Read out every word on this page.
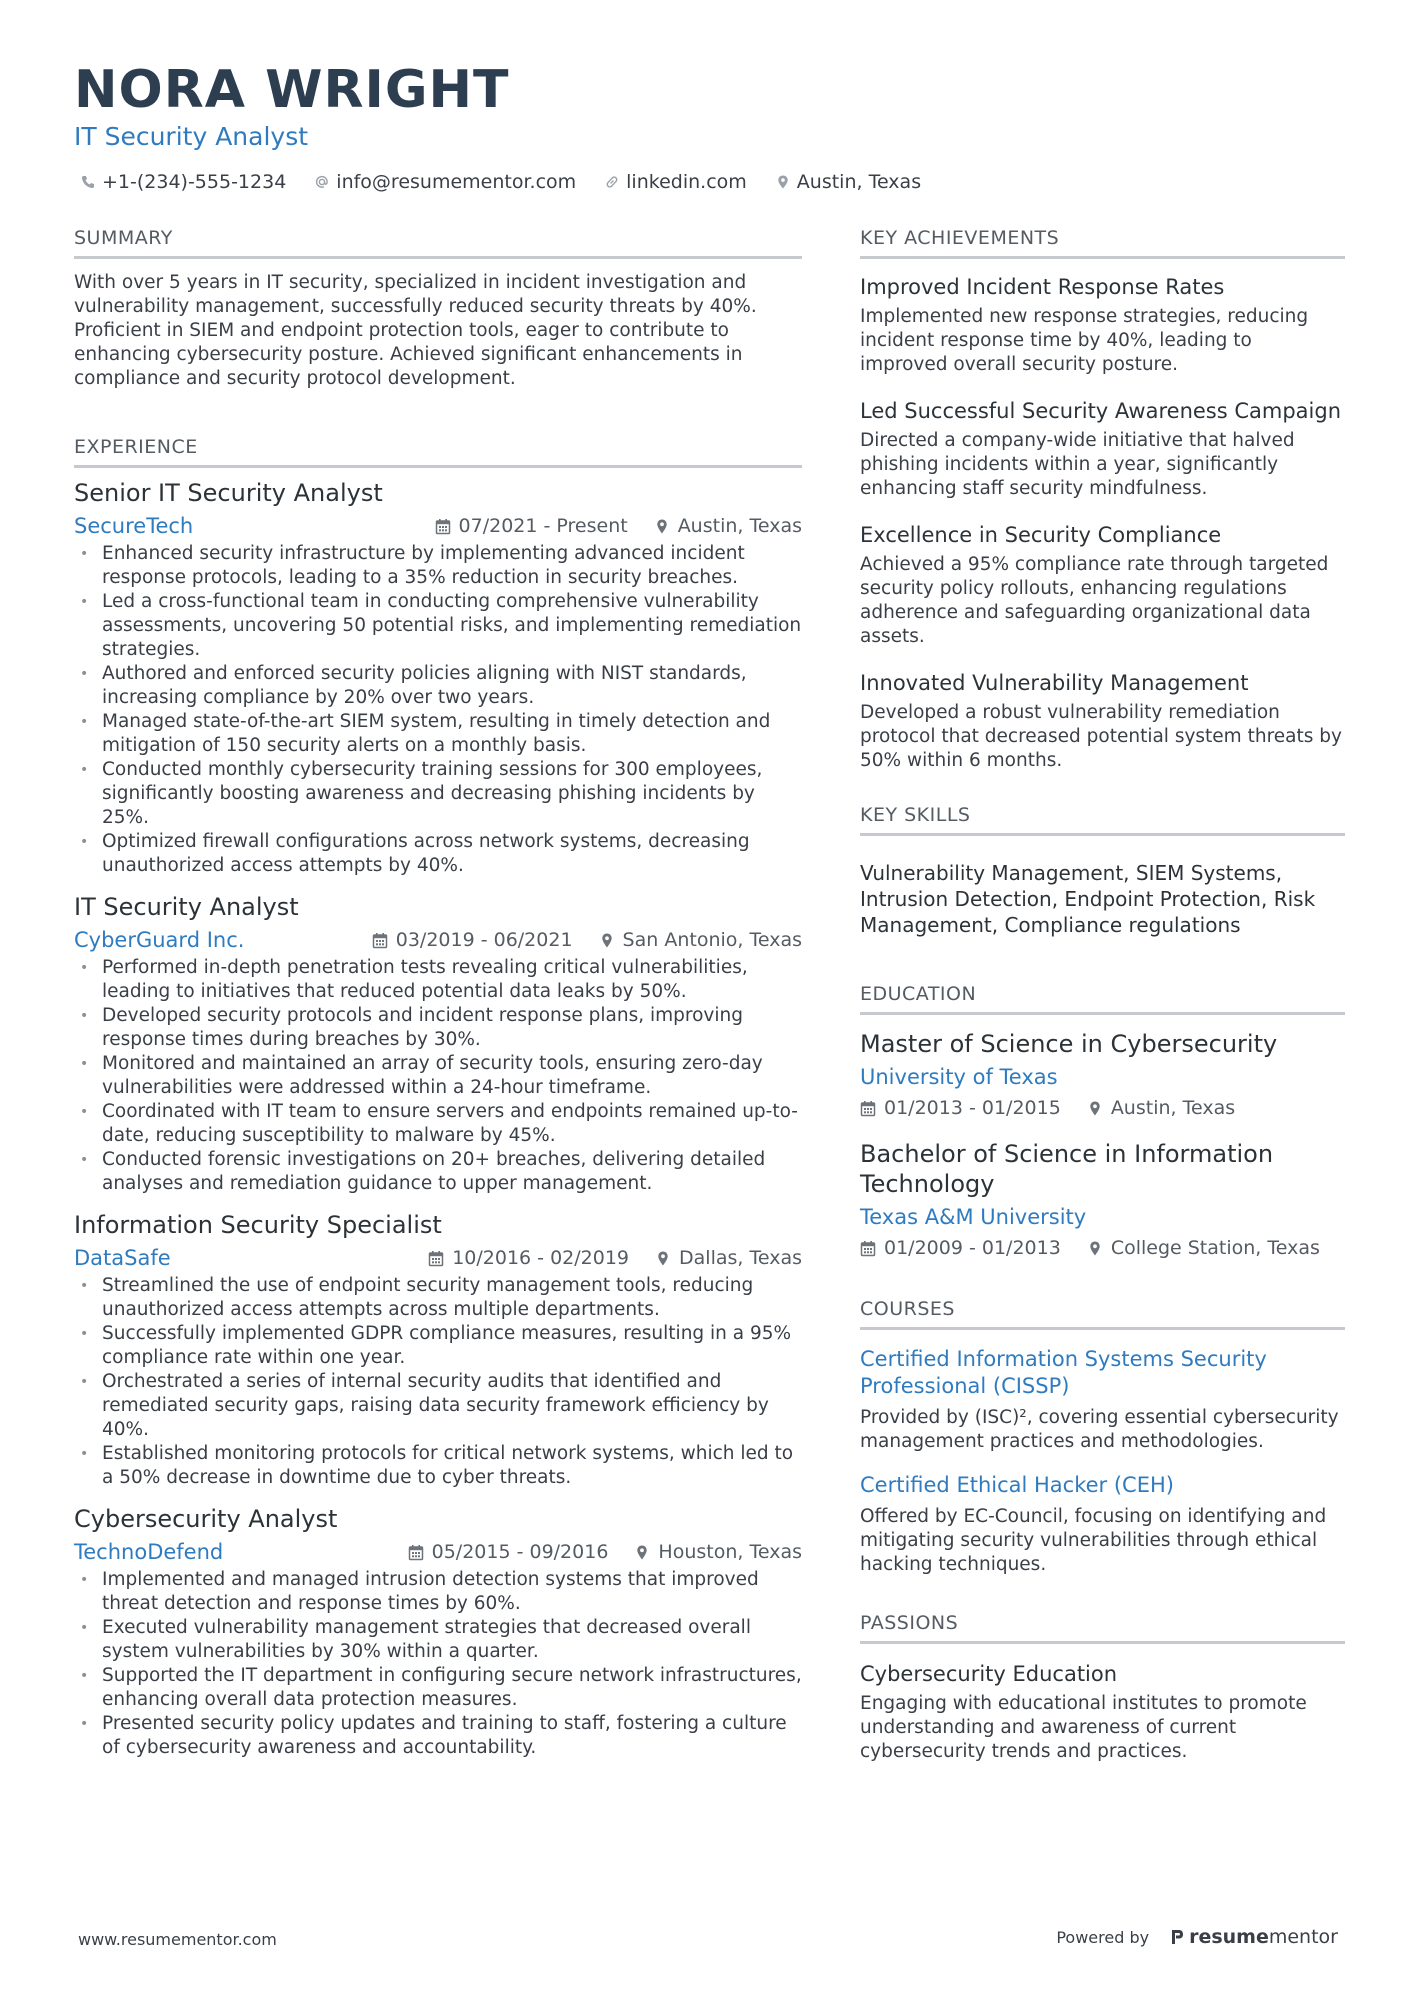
NORA WRIGHT
IT Security Analyst
+1-(234)-555-1234	info@resumementor.com	linkedin.com	Austin, Texas
SUMMARY
With over 5 years in IT security, specialized in incident investigation and vulnerability management, successfully reduced security threats by 40%. Proficient in SIEM and endpoint protection tools, eager to contribute to enhancing cybersecurity posture. Achieved significant enhancements in compliance and security protocol development.
EXPERIENCE
Senior IT Security Analyst
SecureTech	07/2021 - Present	Austin, Texas
• Enhanced security infrastructure by implementing advanced incident response protocols, leading to a 35% reduction in security breaches.
• Led a cross-functional team in conducting comprehensive vulnerability assessments, uncovering 50 potential risks, and implementing remediation strategies.
• Authored and enforced security policies aligning with NIST standards, increasing compliance by 20% over two years.
• Managed state-of-the-art SIEM system, resulting in timely detection and mitigation of 150 security alerts on a monthly basis.
• Conducted monthly cybersecurity training sessions for 300 employees, significantly boosting awareness and decreasing phishing incidents by 25%.
• Optimized firewall configurations across network systems, decreasing unauthorized access attempts by 40%.
IT Security Analyst
CyberGuard Inc.	03/2019 - 06/2021	San Antonio, Texas
• Performed in-depth penetration tests revealing critical vulnerabilities, leading to initiatives that reduced potential data leaks by 50%.
• Developed security protocols and incident response plans, improving response times during breaches by 30%.
• Monitored and maintained an array of security tools, ensuring zero-day vulnerabilities were addressed within a 24-hour timeframe.
• Coordinated with IT team to ensure servers and endpoints remained up-to-date, reducing susceptibility to malware by 45%.
• Conducted forensic investigations on 20+ breaches, delivering detailed analyses and remediation guidance to upper management.
Information Security Specialist
DataSafe	10/2016 - 02/2019	Dallas, Texas
• Streamlined the use of endpoint security management tools, reducing unauthorized access attempts across multiple departments.
• Successfully implemented GDPR compliance measures, resulting in a 95% compliance rate within one year.
• Orchestrated a series of internal security audits that identified and remediated security gaps, raising data security framework efficiency by 40%.
• Established monitoring protocols for critical network systems, which led to a 50% decrease in downtime due to cyber threats.
Cybersecurity Analyst
TechnoDefend	05/2015 - 09/2016	Houston, Texas
• Implemented and managed intrusion detection systems that improved threat detection and response times by 60%.
• Executed vulnerability management strategies that decreased overall system vulnerabilities by 30% within a quarter.
• Supported the IT department in configuring secure network infrastructures, enhancing overall data protection measures.
• Presented security policy updates and training to staff, fostering a culture of cybersecurity awareness and accountability.
KEY ACHIEVEMENTS
Improved Incident Response Rates
Implemented new response strategies, reducing incident response time by 40%, leading to improved overall security posture.
Led Successful Security Awareness Campaign
Directed a company-wide initiative that halved phishing incidents within a year, significantly enhancing staff security mindfulness.
Excellence in Security Compliance
Achieved a 95% compliance rate through targeted security policy rollouts, enhancing regulations adherence and safeguarding organizational data assets.
Innovated Vulnerability Management
Developed a robust vulnerability remediation protocol that decreased potential system threats by 50% within 6 months.
KEY SKILLS
Vulnerability Management, SIEM Systems, Intrusion Detection, Endpoint Protection, Risk Management, Compliance regulations
EDUCATION
Master of Science in Cybersecurity
University of Texas
01/2013 - 01/2015	Austin, Texas
Bachelor of Science in Information Technology
Texas A&M University
01/2009 - 01/2013	College Station, Texas
COURSES
Certified Information Systems Security Professional (CISSP)
Provided by (ISC)², covering essential cybersecurity management practices and methodologies.
Certified Ethical Hacker (CEH)
Offered by EC-Council, focusing on identifying and mitigating security vulnerabilities through ethical hacking techniques.
PASSIONS
Cybersecurity Education
Engaging with educational institutes to promote understanding and awareness of current cybersecurity trends and practices.
www.resumementor.com	Powered by resume mentor
